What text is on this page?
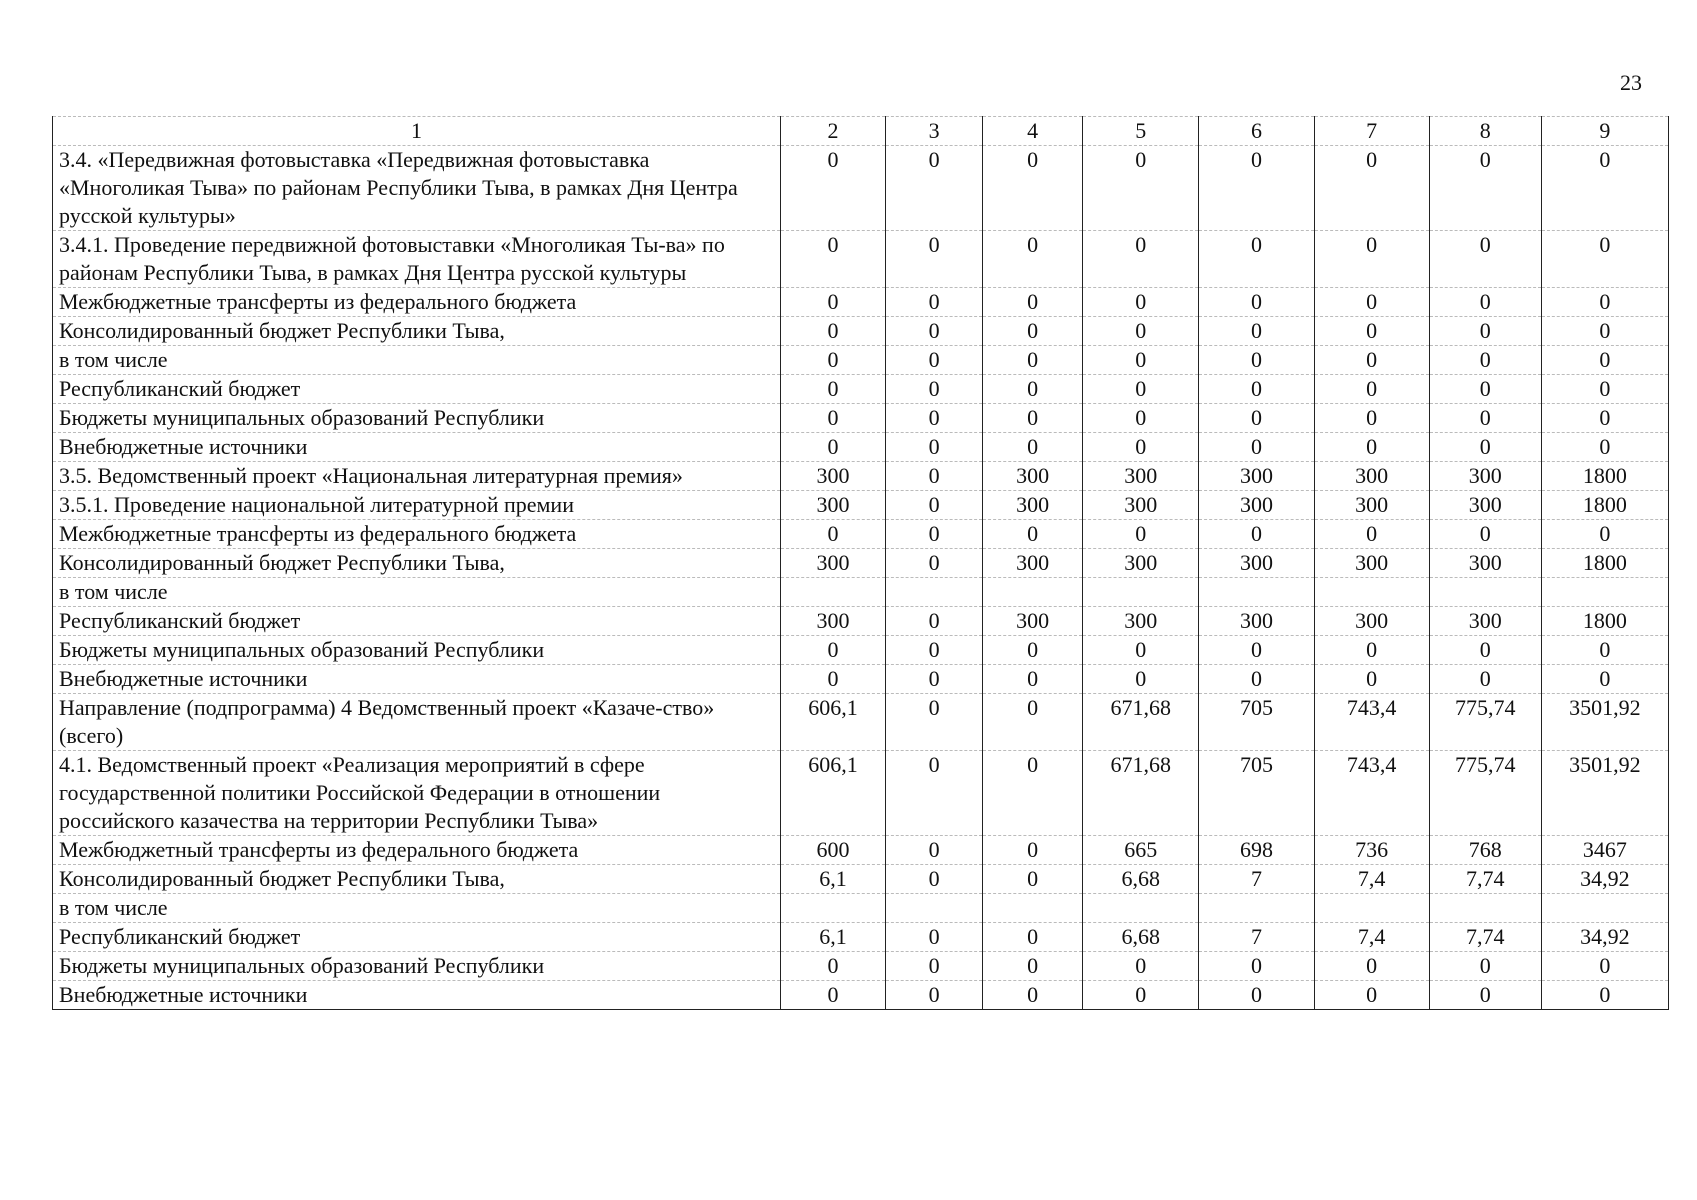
23
1	2	3	4	5	6	7	8	9
3.4. «Передвижная фотовыставка «Передвижная фотовыставка «Многоликая Тыва» по районам Республики Тыва, в рамках Дня Центра русской культуры»	0	0	0	0	0	0	0	0
3.4.1. Проведение передвижной фотовыставки «Многоликая Ты-ва» по районам Республики Тыва, в рамках Дня Центра русской культуры	0	0	0	0	0	0	0	0
Межбюджетные трансферты из федерального бюджета	0	0	0	0	0	0	0	0
Консолидированный бюджет Республики Тыва,	0	0	0	0	0	0	0	0
в том числе	0	0	0	0	0	0	0	0
Республиканский бюджет	0	0	0	0	0	0	0	0
Бюджеты муниципальных образований Республики	0	0	0	0	0	0	0	0
Внебюджетные источники	0	0	0	0	0	0	0	0
3.5. Ведомственный проект «Национальная литературная премия»	300	0	300	300	300	300	300	1800
3.5.1. Проведение национальной литературной премии	300	0	300	300	300	300	300	1800
Межбюджетные трансферты из федерального бюджета	0	0	0	0	0	0	0	0
Консолидированный бюджет Республики Тыва,	300	0	300	300	300	300	300	1800
в том числе								
Республиканский бюджет	300	0	300	300	300	300	300	1800
Бюджеты муниципальных образований Республики	0	0	0	0	0	0	0	0
Внебюджетные источники	0	0	0	0	0	0	0	0
Направление (подпрограмма) 4 Ведомственный проект «Казаче-ство» (всего)	606,1	0	0	671,68	705	743,4	775,74	3501,92
4.1. Ведомственный проект «Реализация мероприятий в сфере государственной политики Российской Федерации в отношении российского казачества на территории Республики Тыва»	606,1	0	0	671,68	705	743,4	775,74	3501,92
Межбюджетный трансферты из федерального бюджета	600	0	0	665	698	736	768	3467
Консолидированный бюджет Республики Тыва,	6,1	0	0	6,68	7	7,4	7,74	34,92
в том числе								
Республиканский бюджет	6,1	0	0	6,68	7	7,4	7,74	34,92
Бюджеты муниципальных образований Республики	0	0	0	0	0	0	0	0
Внебюджетные источники	0	0	0	0	0	0	0	0
